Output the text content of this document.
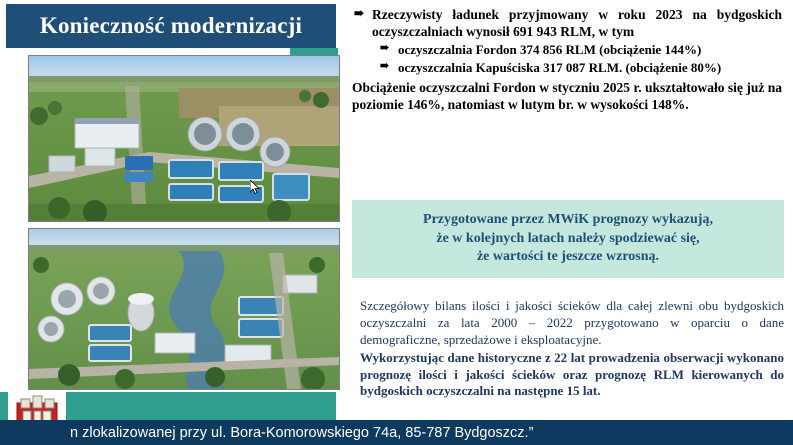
Konieczność modernizacji	➠ Rzeczywisty ładunek przyjmowany w roku 2023 na bydgoskich oczyszczalniach wynosił 691 943 RLM, w tym
➠ oczyszczalnia Fordon 374 856 RLM (obciążenie 144%)
➠ oczyszczalnia Kapuściska 317 087 RLM. (obciążenie 80%)
Obciążenie oczyszczalni Fordon w styczniu 2025 r. ukształtowało się już na poziomie 146%, natomiast w lutym br. w wysokości 148%.
Przygotowane przez MWiK prognozy wykazują,
że w kolejnych latach należy spodziewać się,
że wartości te jeszcze wzrosną.
Szczegółowy bilans ilości i jakości ścieków dla całej zlewni obu bydgoskich oczyszczalni za lata 2000 – 2022 przygotowano w oparciu o dane demograficzne, sprzedażowe i eksploatacyjne.
Wykorzystując dane historyczne z 22 lat prowadzenia obserwacji wykonano prognozę ilości i jakości ścieków oraz prognozę RLM kierowanych do bydgoskich oczyszczalni na następne 15 lat.
n zlokalizowanej przy ul. Bora-Komorowskiego 74a, 85-787 Bydgoszcz.”
